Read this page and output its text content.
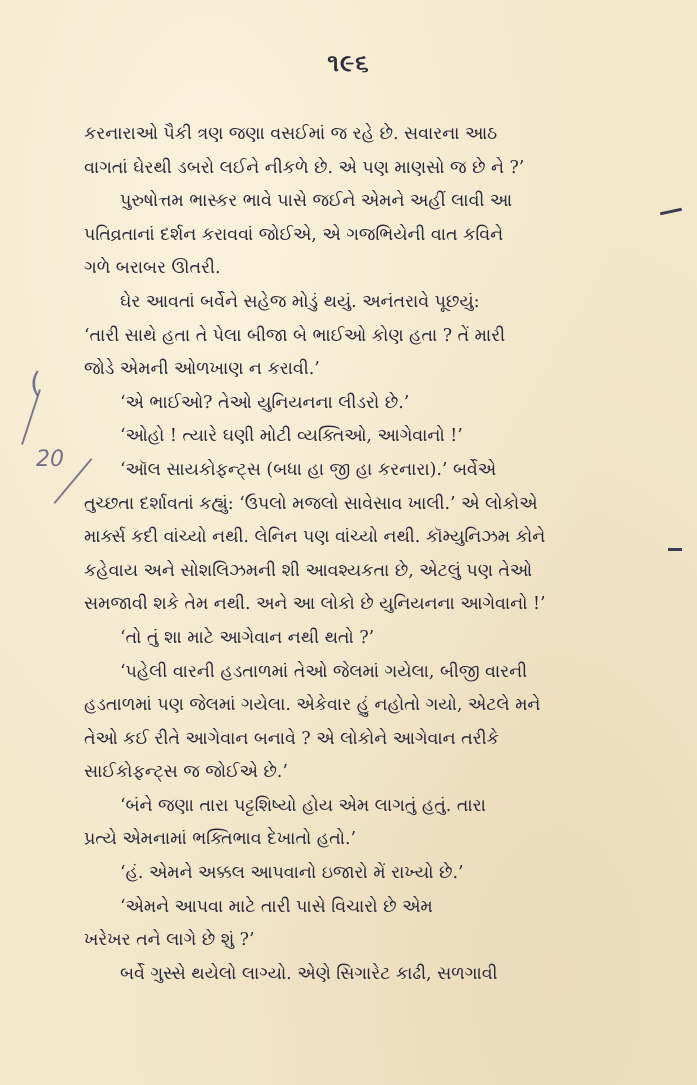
૧૯૬

કરનારાઓ પૈકી ત્રણ જણા વસઈમાં જ રહે છે. સવારના આઠ
વાગતાં ઘેરથી ડબરો લઈને નીકળે છે. એ પણ માણસો જ છે ને ?’

પુરુષોત્તમ ભાસ્કર ભાવે પાસે જઈને એમને અહીં લાવી આ
પતિવ્રતાનાં દર્શન કરાવવાં જોઈએ, એ ગજભિયેની વાત કવિને
ગળે બરાબર ઊતરી.

ઘેર આવતાં બર્વેને સહેજ મોડું થયું. અનંતરાવે પૂછયું:
‘તારી સાથે હતા તે પેલા બીજા બે ભાઈઓ કોણ હતા ? તેં મારી
જોડે એમની ઓળખાણ ન કરાવી.’

‘એ ભાઈઓ? તેઓ યુનિયનના લીડરો છે.’

‘ઓહો ! ત્યારે ઘણી મોટી વ્યક્તિઓ, આગેવાનો !’

‘ઑલ સાયકોફન્ટ્સ (બધા હા જી હા કરનારા).’ બર્વેએ
તુચ્છતા દર્શાવતાં કહ્યું: ‘ઉપલો મજલો સાવેસાવ ખાલી.’ એ લોકોએ
માર્ક્સ કદી વાંચ્યો નથી. લેનિન પણ વાંચ્યો નથી. કૉમ્યુનિઝમ કોને
કહેવાય અને સોશલિઝમની શી આવશ્યકતા છે, એટલું પણ તેઓ
સમજાવી શકે તેમ નથી. અને આ લોકો છે યુનિયનના આગેવાનો !’

‘તો તું શા માટે આગેવાન નથી થતો ?’

‘પહેલી વારની હડતાળમાં તેઓ જેલમાં ગયેલા, બીજી વારની
હડતાળમાં પણ જેલમાં ગયેલા. એકેવાર હું નહોતો ગયો, એટલે મને
તેઓ કઈ રીતે આગેવાન બનાવે ? એ લોકોને આગેવાન તરીકે
સાઈકોફન્ટ્સ જ જોઈએ છે.’

‘બંને જણા તારા પટ્ટશિષ્યો હોય એમ લાગતું હતું. તારા
પ્રત્યે એમનામાં ભક્તિભાવ દેખાતો હતો.’

‘હં. એમને અક્કલ આપવાનો ઇજારો મેં રાખ્યો છે.’

‘એમને આપવા માટે તારી પાસે વિચારો છે એમ
ખરેખર તને લાગે છે શું ?’

બર્વે ગુસ્સે થયેલો લાગ્યો. એણે સિગારેટ કાઢી, સળગાવી

(
20
